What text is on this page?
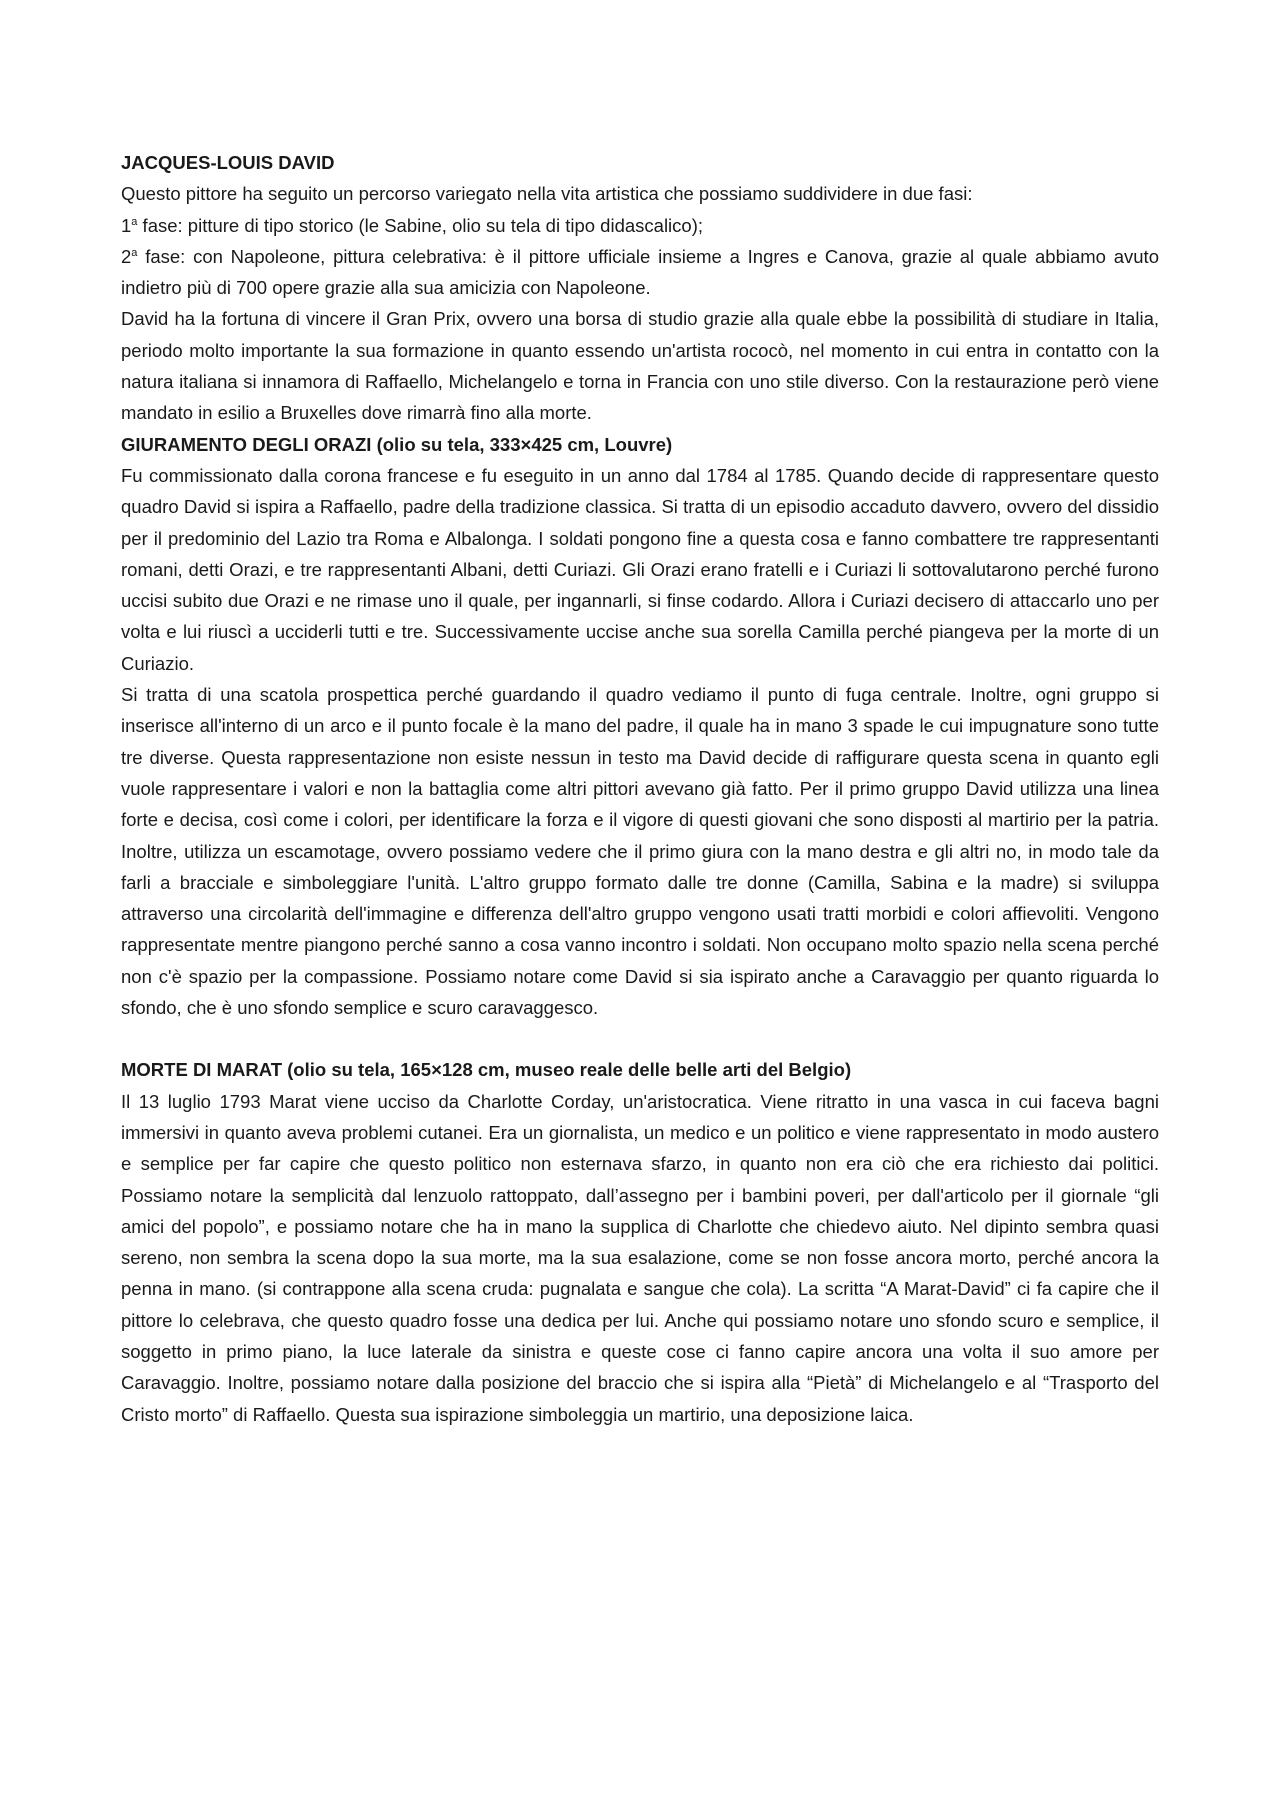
JACQUES-LOUIS DAVID

Questo pittore ha seguito un percorso variegato nella vita artistica che possiamo suddividere in due fasi:

1$^a$ fase: pitture di tipo storico (le Sabine, olio su tela di tipo didascalico);

2$^a$ fase: con Napoleone, pittura celebrativa: è il pittore ufficiale insieme a Ingres e Canova, grazie al quale abbiamo avuto indietro più di 700 opere grazie alla sua amicizia con Napoleone.

David ha la fortuna di vincere il Gran Prix, ovvero una borsa di studio grazie alla quale ebbe la possibilità di studiare in Italia, periodo molto importante la sua formazione in quanto essendo un'artista rococò, nel momento in cui entra in contatto con la natura italiana si innamora di Raffaello, Michelangelo e torna in Francia con uno stile diverso. Con la restaurazione però viene mandato in esilio a Bruxelles dove rimarrà fino alla morte.

GIURAMENTO DEGLI ORAZI (olio su tela, 333×425 cm, Louvre)

Fu commissionato dalla corona francese e fu eseguito in un anno dal 1784 al 1785. Quando decide di rappresentare questo quadro David si ispira a Raffaello, padre della tradizione classica. Si tratta di un episodio accaduto davvero, ovvero del dissidio per il predominio del Lazio tra Roma e Albalonga. I soldati pongono fine a questa cosa e fanno combattere tre rappresentanti romani, detti Orazi, e tre rappresentanti Albani, detti Curiazi. Gli Orazi erano fratelli e i Curiazi li sottovalutarono perché furono uccisi subito due Orazi e ne rimase uno il quale, per ingannarli, si finse codardo. Allora i Curiazi decisero di attaccarlo uno per volta e lui riuscì a ucciderli tutti e tre. Successivamente uccise anche sua sorella Camilla perché piangeva per la morte di un Curiazio.

Si tratta di una scatola prospettica perché guardando il quadro vediamo il punto di fuga centrale. Inoltre, ogni gruppo si inserisce all'interno di un arco e il punto focale è la mano del padre, il quale ha in mano 3 spade le cui impugnature sono tutte tre diverse. Questa rappresentazione non esiste nessun in testo ma David decide di raffigurare questa scena in quanto egli vuole rappresentare i valori e non la battaglia come altri pittori avevano già fatto. Per il primo gruppo David utilizza una linea forte e decisa, così come i colori, per identificare la forza e il vigore di questi giovani che sono disposti al martirio per la patria. Inoltre, utilizza un escamotage, ovvero possiamo vedere che il primo giura con la mano destra e gli altri no, in modo tale da farli a bracciale e simboleggiare l'unità. L'altro gruppo formato dalle tre donne (Camilla, Sabina e la madre) si sviluppa attraverso una circolarità dell'immagine e differenza dell'altro gruppo vengono usati tratti morbidi e colori affievoliti. Vengono rappresentate mentre piangono perché sanno a cosa vanno incontro i soldati. Non occupano molto spazio nella scena perché non c'è spazio per la compassione. Possiamo notare come David si sia ispirato anche a Caravaggio per quanto riguarda lo sfondo, che è uno sfondo semplice e scuro caravaggesco.

MORTE DI MARAT (olio su tela, 165×128 cm, museo reale delle belle arti del Belgio)

Il 13 luglio 1793 Marat viene ucciso da Charlotte Corday, un'aristocratica. Viene ritratto in una vasca in cui faceva bagni immersivi in quanto aveva problemi cutanei. Era un giornalista, un medico e un politico e viene rappresentato in modo austero e semplice per far capire che questo politico non esternava sfarzo, in quanto non era ciò che era richiesto dai politici. Possiamo notare la semplicità dal lenzuolo rattoppato, dall’assegno per i bambini poveri, per dall'articolo per il giornale “gli amici del popolo”, e possiamo notare che ha in mano la supplica di Charlotte che chiedevo aiuto. Nel dipinto sembra quasi sereno, non sembra la scena dopo la sua morte, ma la sua esalazione, come se non fosse ancora morto, perché ancora la penna in mano. (si contrappone alla scena cruda: pugnalata e sangue che cola). La scritta “A Marat-David” ci fa capire che il pittore lo celebrava, che questo quadro fosse una dedica per lui. Anche qui possiamo notare uno sfondo scuro e semplice, il soggetto in primo piano, la luce laterale da sinistra e queste cose ci fanno capire ancora una volta il suo amore per Caravaggio. Inoltre, possiamo notare dalla posizione del braccio che si ispira alla “Pietà” di Michelangelo e al “Trasporto del Cristo morto” di Raffaello. Questa sua ispirazione simboleggia un martirio, una deposizione laica.
